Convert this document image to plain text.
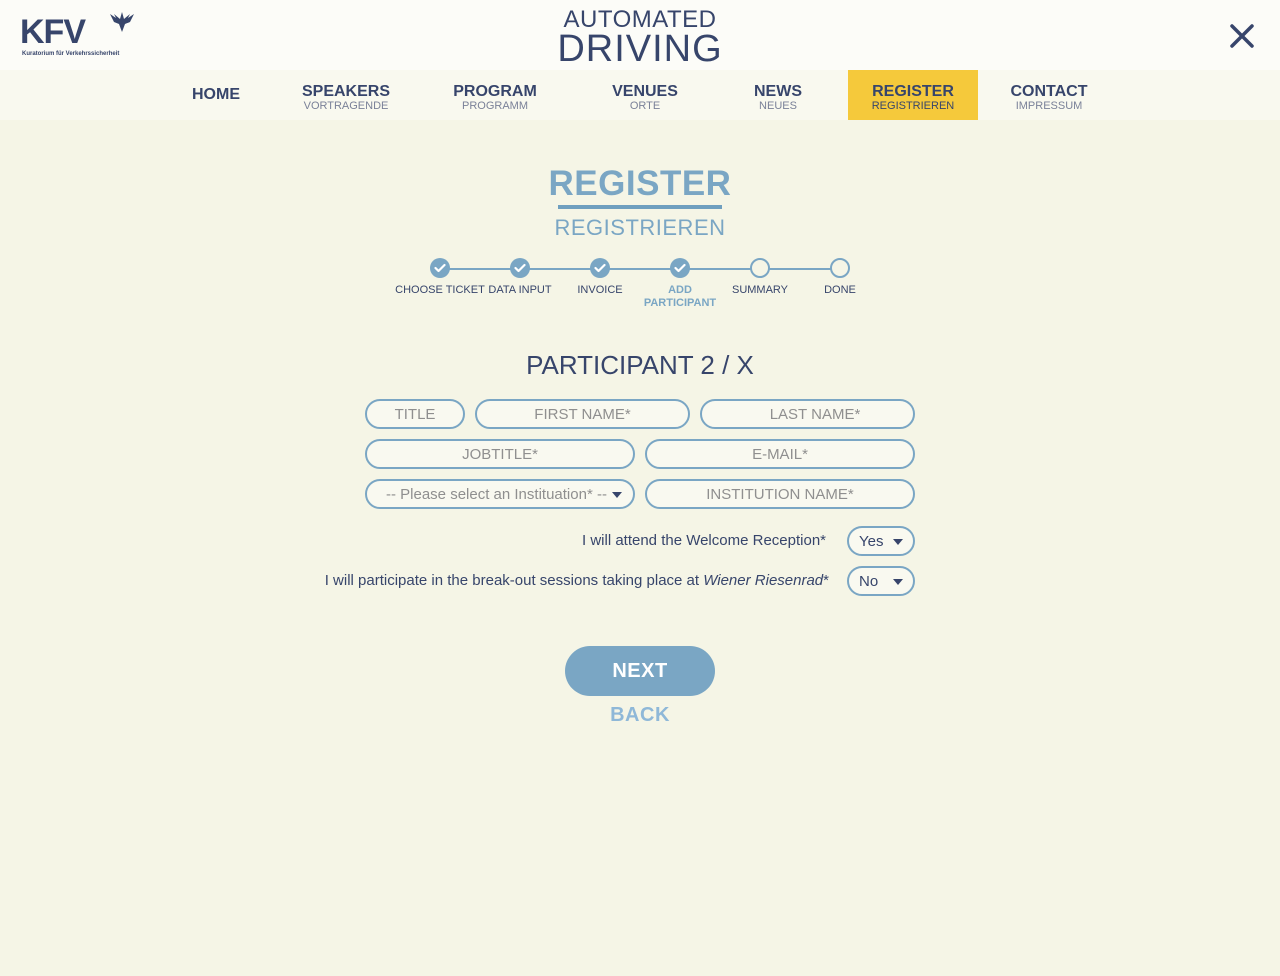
KFV
Kuratorium für Verkehrssicherheit
AUTOMATED
DRIVING
HOME	SPEAKERS
VORTRAGENDE
PROGRAM
PROGRAMM
VENUES
ORTE
NEWS
NEUES
REGISTER
REGISTRIEREN
CONTACT
IMPRESSUM
REGISTER
REGISTRIEREN
CHOOSE TICKET DATA INPUT	INVOICE	ADD PARTICIPANT
SUMMARY	DONE
PARTICIPANT 2 / X
TITLE
FIRST NAME*
LAST NAME*
JOBTITLE*
E-MAIL*
-- Please select an Instituation* --
INSTITUTION NAME*
I will attend the Welcome Reception* Yes
I will participate in the break-out sessions taking place at Wiener Riesenrad* No
NEXT
BACK
